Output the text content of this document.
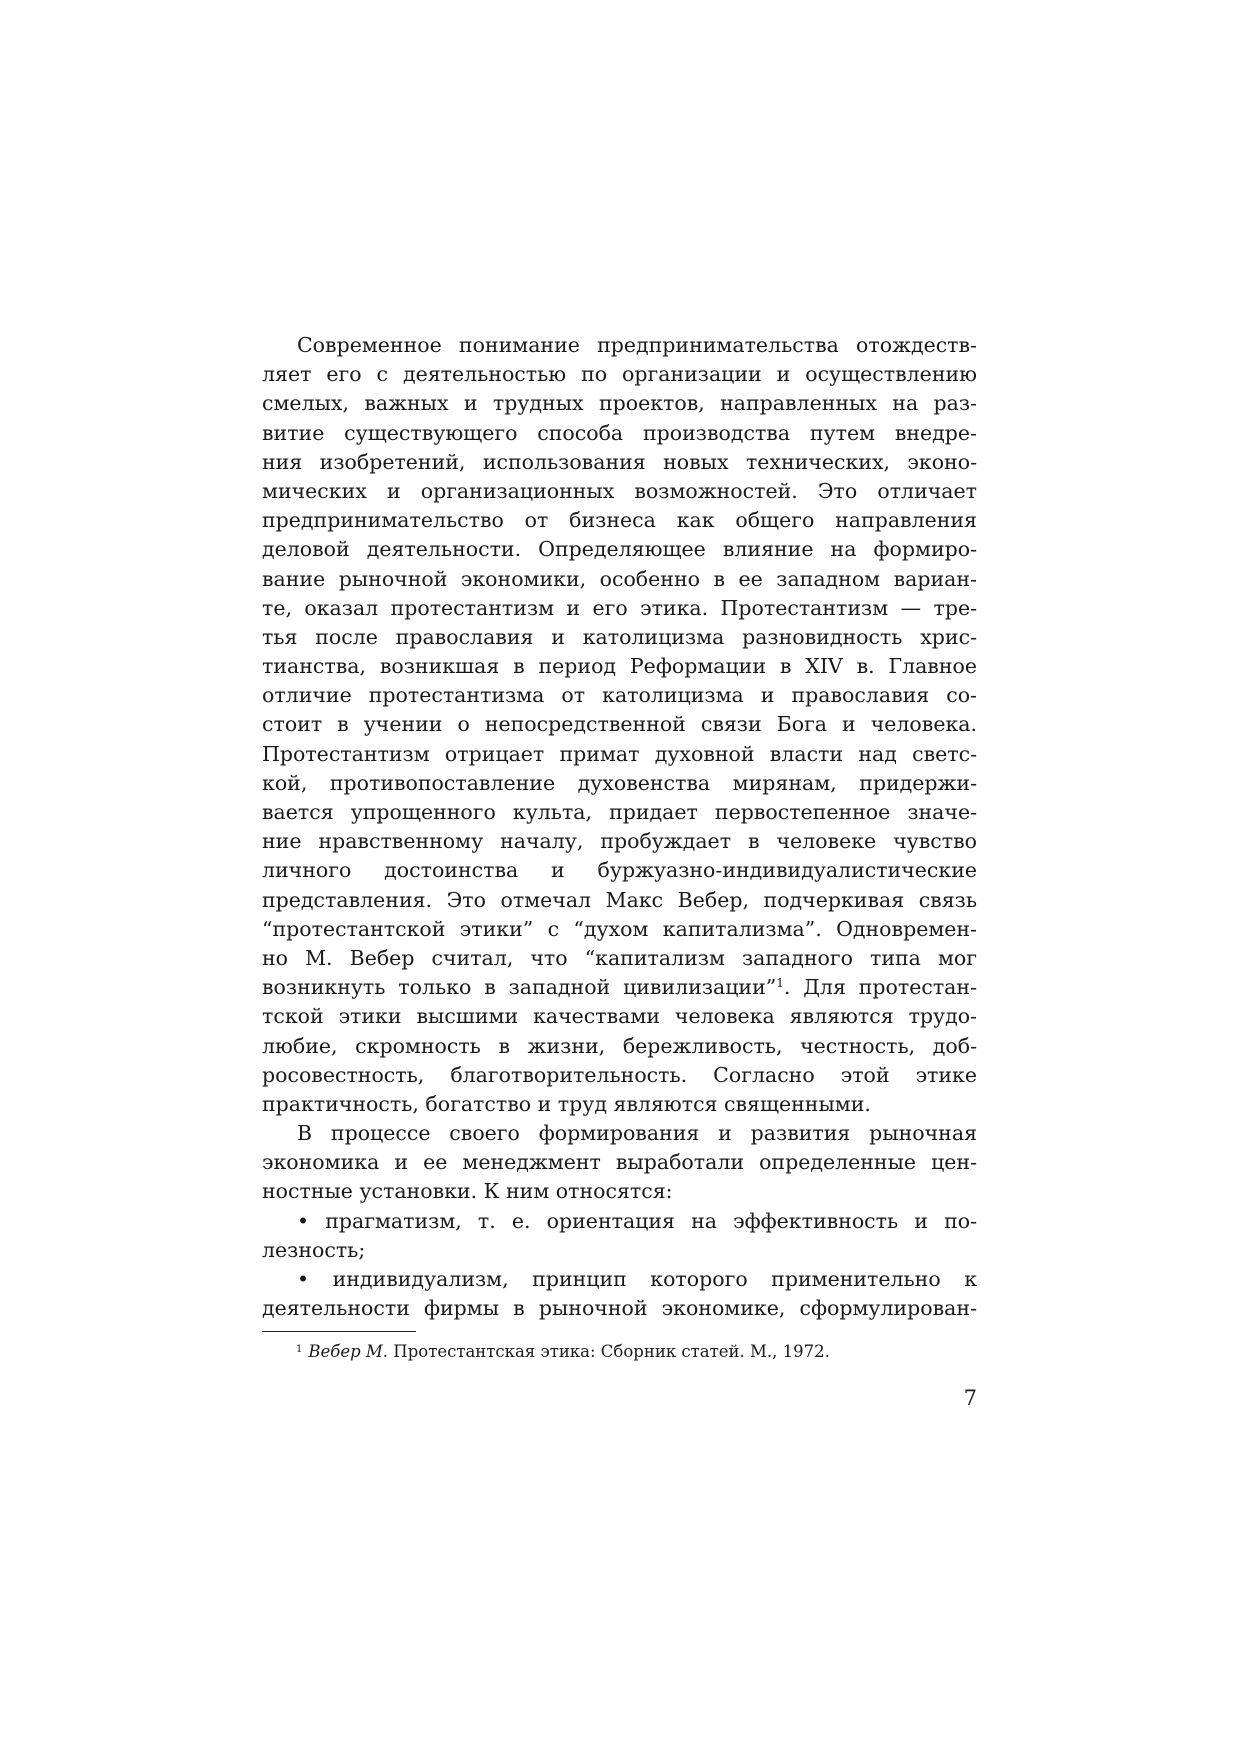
Современное понимание предпринимательства отождеств-
ляет его с деятельностью по организации и осуществлению
смелых, важных и трудных проектов, направленных на раз-
витие существующего способа производства путем внедре-
ния изобретений, использования новых технических, эконо-
мических и организационных возможностей. Это отличает
предпринимательство от бизнеса как общего направления
деловой деятельности. Определяющее влияние на формиро-
вание рыночной экономики, особенно в ее западном вариан-
те, оказал протестантизм и его этика. Протестантизм — тре-
тья после православия и католицизма разновидность хрис-
тианства, возникшая в период Реформации в XIV в. Главное
отличие протестантизма от католицизма и православия со-
стоит в учении о непосредственной связи Бога и человека.
Протестантизм отрицает примат духовной власти над светс-
кой, противопоставление духовенства мирянам, придержи-
вается упрощенного культа, придает первостепенное значе-
ние нравственному началу, пробуждает в человеке чувство
личного достоинства и буржуазно-индивидуалистические
представления. Это отмечал Макс Вебер, подчеркивая связь
“протестантской этики” с “духом капитализма”. Одновремен-
но М. Вебер считал, что “капитализм западного типа мог
возникнуть только в западной цивилизации”$^1$. Для протестан-
тской этики высшими качествами человека являются трудо-
любие, скромность в жизни, бережливость, честность, доб-
росовестность, благотворительность. Согласно этой этике
практичность, богатство и труд являются священными.
В процессе своего формирования и развития рыночная
экономика и ее менеджмент выработали определенные цен-
ностные установки. К ним относятся:
• прагматизм, т. е. ориентация на эффективность и по-
лезность;
• индивидуализм, принцип которого применительно к
деятельности фирмы в рыночной экономике, сформулирован-
$^1$ Вебер М. Протестантская этика: Сборник статей. М., 1972.
7
